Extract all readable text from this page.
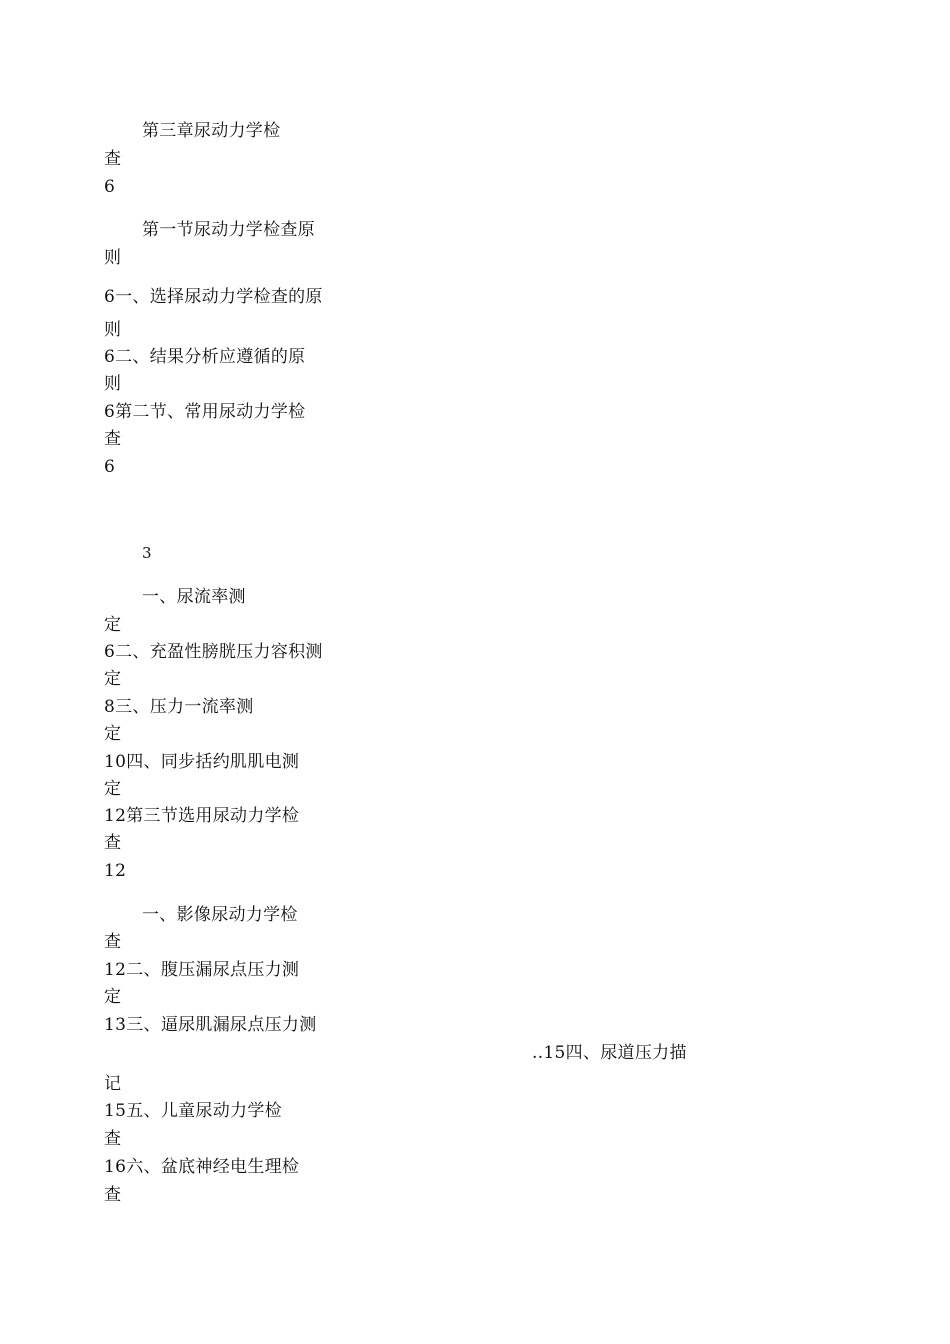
第三章尿动力学检
查
6
第一节尿动力学检查原
则
6一、选择尿动力学检查的原
则
6二、结果分析应遵循的原
则
6第二节、常用尿动力学检
查
6
3
一、尿流率测
定
6二、充盈性膀胱压力容积测
定
8三、压力一流率测
定
10四、同步括约肌肌电测
定
12第三节选用尿动力学检
查
12
一、影像尿动力学检
查
12二、腹压漏尿点压力测
定
13三、逼尿肌漏尿点压力测
..15四、尿道压力描
记
15五、儿童尿动力学检
查
16六、盆底神经电生理检
查
